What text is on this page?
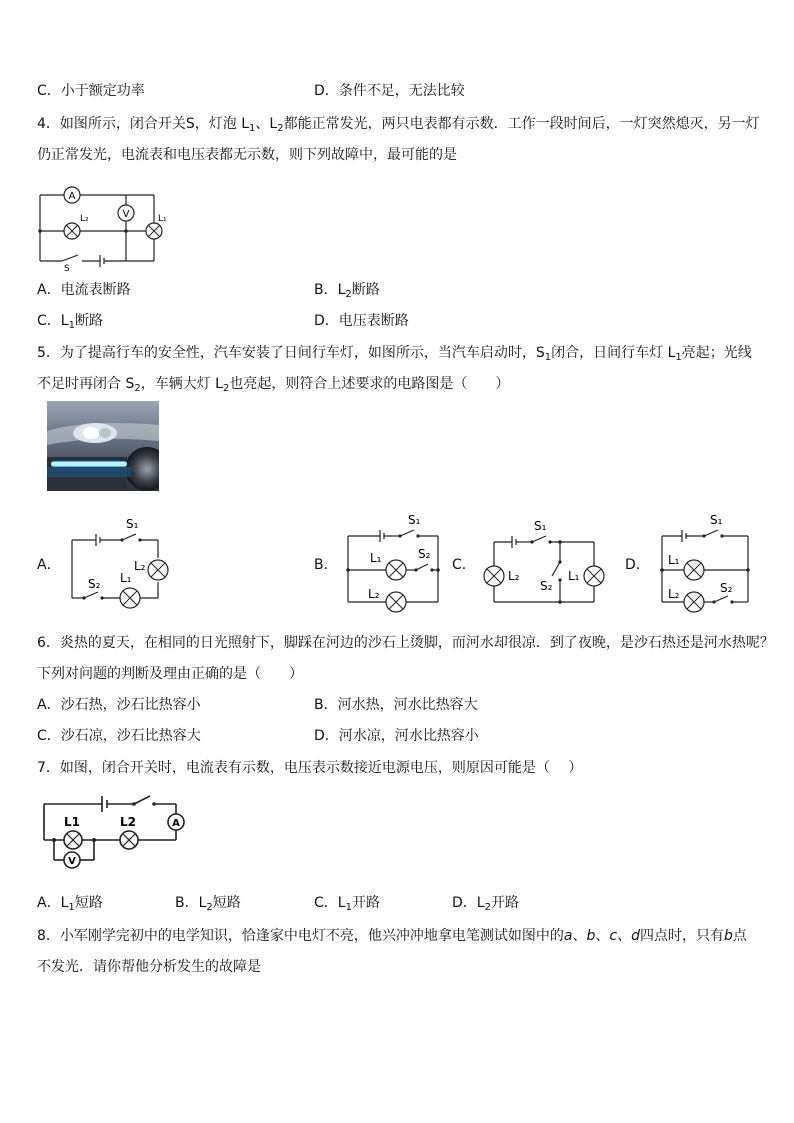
C．小于额定功率	D．条件不足，无法比较
4．如图所示，闭合开关S，灯泡 $L_1$、$L_2$都能正常发光，两只电表都有示数．工作一段时间后，一灯突然熄灭，另一灯
仍正常发光，电流表和电压表都无示数，则下列故障中，最可能的是
A
V
L₂	L₁
S
A．电流表断路	B．$L_2$断路
C．$L_1$断路	D．电压表断路
5．为了提高行车的安全性，汽车安装了日间行车灯，如图所示，当汽车启动时，$S_1$闭合，日间行车灯 $L_1$亮起；光线
不足时再闭合 $S_2$，车辆大灯 $L_2$也亮起，则符合上述要求的电路图是（　　）
A．	B．	C．	D．
S₁
L₂
S₂ L₁
S₁
L₁	S₂
L₂
S₁
L₂
S₂
L₁
S₁
L₁
S₂
L₂
6．炎热的夏天，在相同的日光照射下，脚踩在河边的沙石上烫脚，而河水却很凉．到了夜晚，是沙石热还是河水热呢？
下列对问题的判断及理由正确的是（　　）
A．沙石热，沙石比热容小	B．河水热，河水比热容大
C．沙石凉，沙石比热容大	D．河水凉，河水比热容小
7．如图，闭合开关时，电流表有示数，电压表示数接近电源电压，则原因可能是（　 ）
L1	L2	A
V
A．$L_1$短路	B．$L_2$短路	C．$L_1$开路	D．$L_2$开路
8．小军刚学完初中的电学知识，恰逢家中电灯不亮，他兴冲冲地拿电笔测试如图中的a、b、c、d四点时，只有b点
不发光．请你帮他分析发生的故障是
